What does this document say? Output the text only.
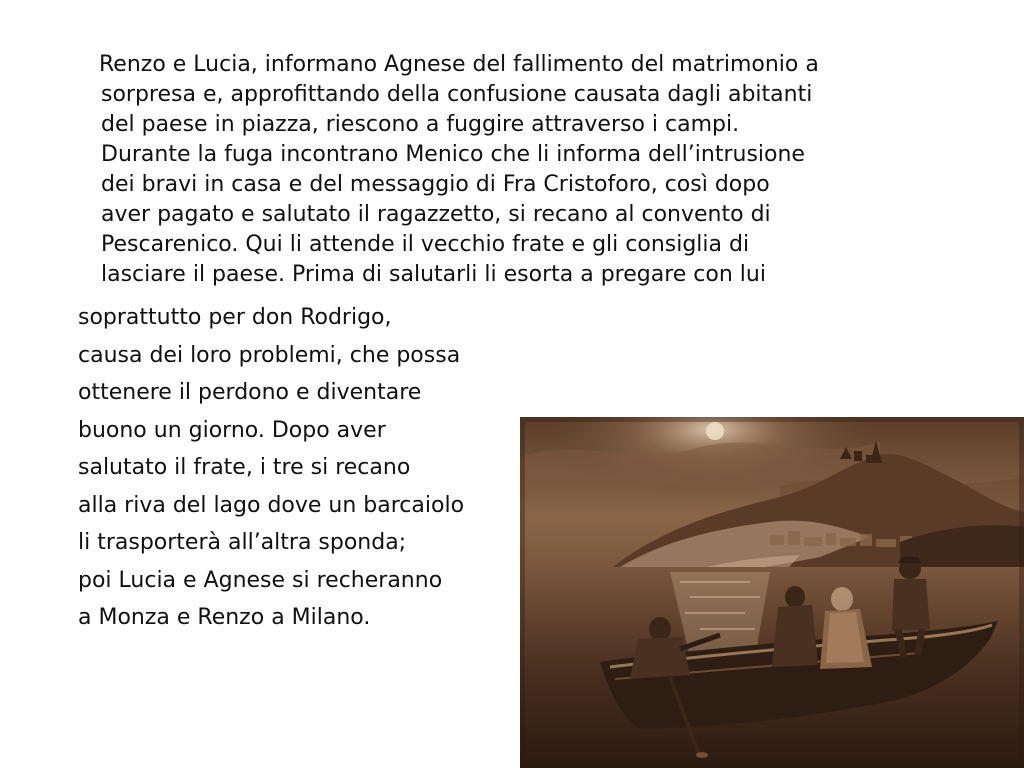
Renzo e Lucia, informano Agnese del fallimento del matrimonio a
sorpresa e, approfittando della confusione causata dagli abitanti
del paese in piazza, riescono a fuggire attraverso i campi.
Durante la fuga incontrano Menico che li informa dell’intrusione
dei bravi in casa e del messaggio di Fra Cristoforo, così dopo
aver pagato e salutato il ragazzetto, si recano al convento di
Pescarenico. Qui li attende il vecchio frate e gli consiglia di
lasciare il paese. Prima di salutarli li esorta a pregare con lui
soprattutto per don Rodrigo,
causa dei loro problemi, che possa
ottenere il perdono e diventare
buono un giorno. Dopo aver
salutato il frate, i tre si recano
alla riva del lago dove un barcaiolo
li trasporterà all’altra sponda;
poi Lucia e Agnese si recheranno
a Monza e Renzo a Milano.
